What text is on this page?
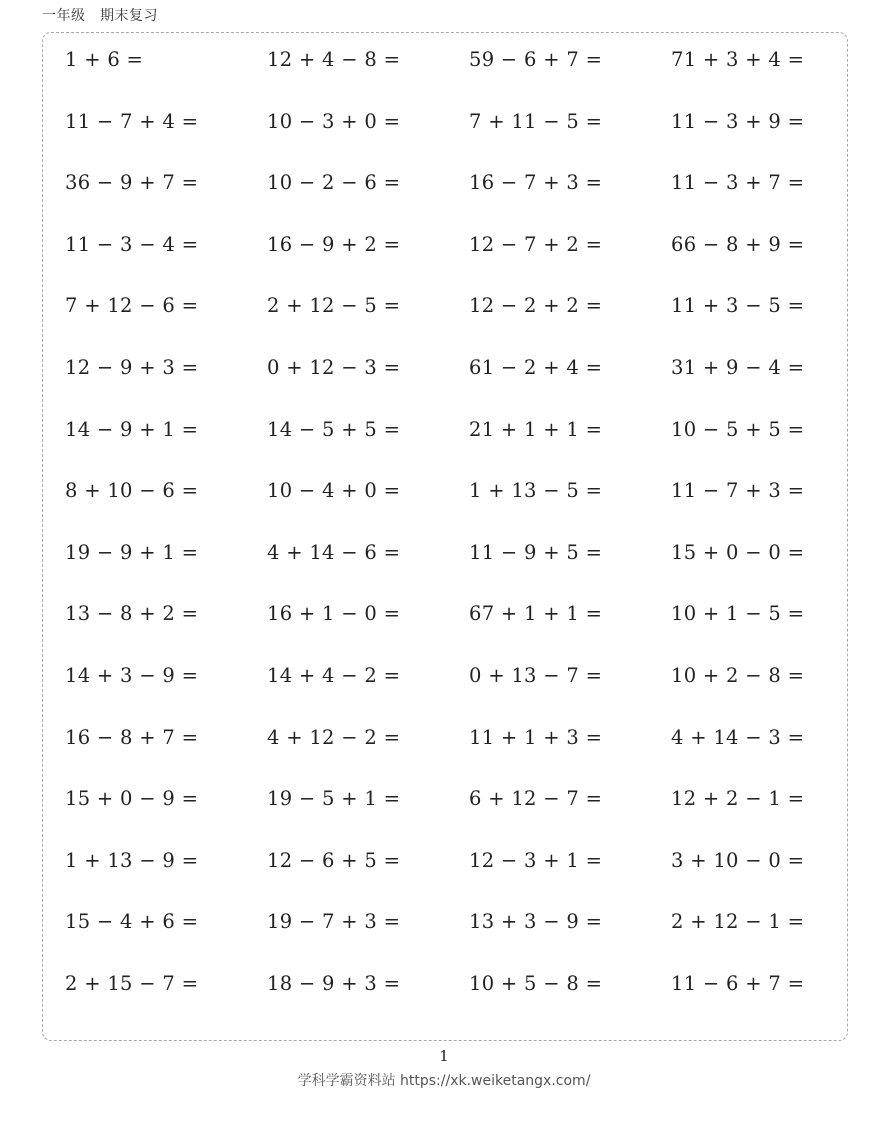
一年级　期末复习
1 + 6 =	12 + 4 − 8 =	59 − 6 + 7 =	71 + 3 + 4 =
11 − 7 + 4 =	10 − 3 + 0 =	7 + 11 − 5 =	11 − 3 + 9 =
36 − 9 + 7 =	10 − 2 − 6 =	16 − 7 + 3 =	11 − 3 + 7 =
11 − 3 − 4 =	16 − 9 + 2 =	12 − 7 + 2 =	66 − 8 + 9 =
7 + 12 − 6 =	2 + 12 − 5 =	12 − 2 + 2 =	11 + 3 − 5 =
12 − 9 + 3 =	0 + 12 − 3 =	61 − 2 + 4 =	31 + 9 − 4 =
14 − 9 + 1 =	14 − 5 + 5 =	21 + 1 + 1 =	10 − 5 + 5 =
8 + 10 − 6 =	10 − 4 + 0 =	1 + 13 − 5 =	11 − 7 + 3 =
19 − 9 + 1 =	4 + 14 − 6 =	11 − 9 + 5 =	15 + 0 − 0 =
13 − 8 + 2 =	16 + 1 − 0 =	67 + 1 + 1 =	10 + 1 − 5 =
14 + 3 − 9 =	14 + 4 − 2 =	0 + 13 − 7 =	10 + 2 − 8 =
16 − 8 + 7 =	4 + 12 − 2 =	11 + 1 + 3 =	4 + 14 − 3 =
15 + 0 − 9 =	19 − 5 + 1 =	6 + 12 − 7 =	12 + 2 − 1 =
1 + 13 − 9 =	12 − 6 + 5 =	12 − 3 + 1 =	3 + 10 − 0 =
15 − 4 + 6 =	19 − 7 + 3 =	13 + 3 − 9 =	2 + 12 − 1 =
2 + 15 − 7 =	18 − 9 + 3 =	10 + 5 − 8 =	11 − 6 + 7 =
1
学科学霸资料站 https://xk.weiketangx.com/
